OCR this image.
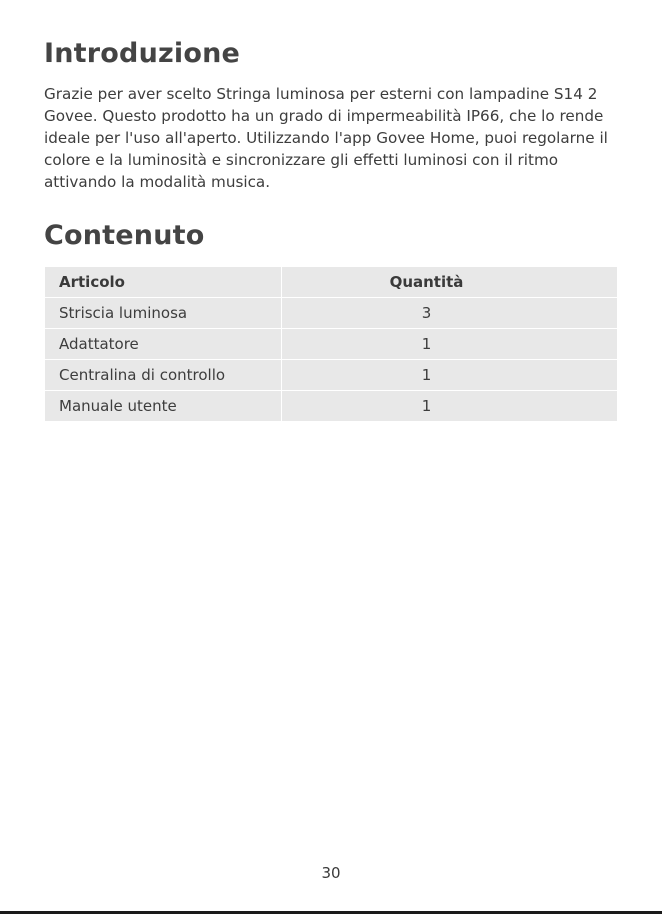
Introduzione

Grazie per aver scelto Stringa luminosa per esterni con lampadine S14 2 Govee. Questo prodotto ha un grado di impermeabilità IP66, che lo rende ideale per l'uso all'aperto. Utilizzando l'app Govee Home, puoi regolarne il colore e la luminosità e sincronizzare gli effetti luminosi con il ritmo attivando la modalità musica.

Contenuto
Articolo	Quantità
Striscia luminosa	3
Adattatore	1
Centralina di controllo	1
Manuale utente	1
30
